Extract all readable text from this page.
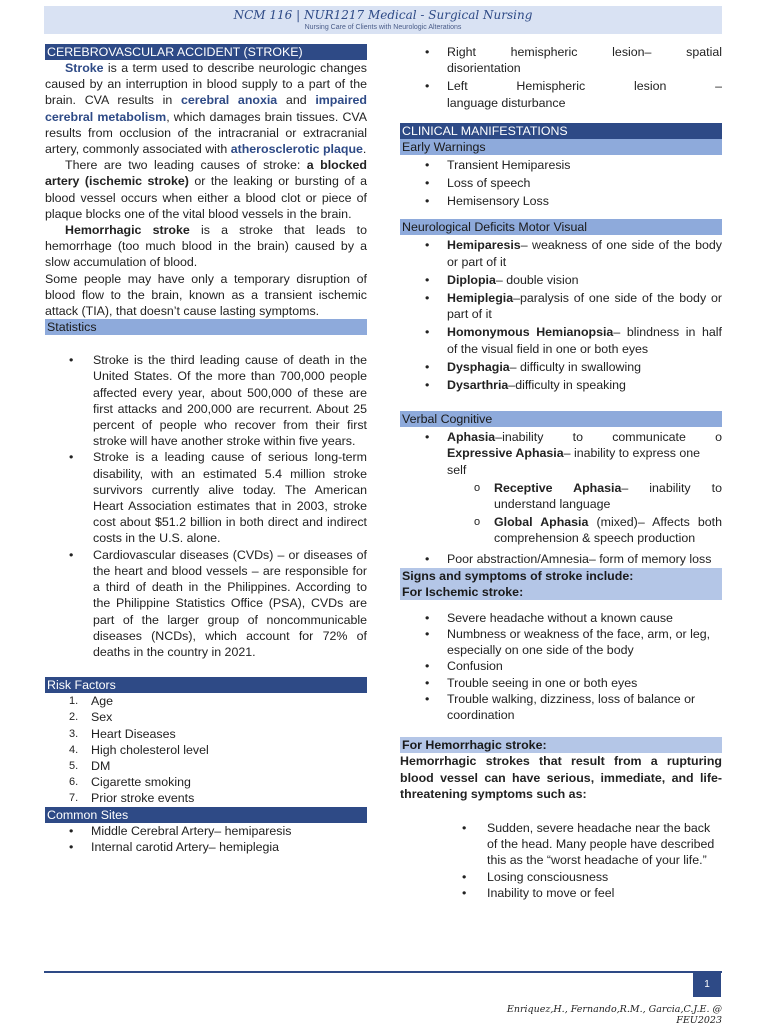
NCM 116 | NUR1217 Medical - Surgical Nursing
Nursing Care of Clients with Neurologic Alterations
CEREBROVASCULAR ACCIDENT (STROKE)

Stroke is a term used to describe neurologic changes caused by an interruption in blood supply to a part of the brain. CVA results in cerebral anoxia and impaired cerebral metabolism, which damages brain tissues. CVA results from occlusion of the intracranial or extracranial artery, commonly associated with atherosclerotic plaque.

There are two leading causes of stroke: a blocked artery (ischemic stroke) or the leaking or bursting of a blood vessel occurs when either a blood clot or piece of plaque blocks one of the vital blood vessels in the brain.

Hemorrhagic stroke is a stroke that leads to hemorrhage (too much blood in the brain) caused by a slow accumulation of blood.

Some people may have only a temporary disruption of blood flow to the brain, known as a transient ischemic attack (TIA), that doesn’t cause lasting symptoms.

Statistics
• Stroke is the third leading cause of death in the United States. Of the more than 700,000 people affected every year, about 500,000 of these are first attacks and 200,000 are recurrent. About 25 percent of people who recover from their first stroke will have another stroke within five years.
• Stroke is a leading cause of serious long-term disability, with an estimated 5.4 million stroke survivors currently alive today. The American Heart Association estimates that in 2003, stroke cost about $51.2 billion in both direct and indirect costs in the U.S. alone.
• Cardiovascular diseases (CVDs) – or diseases of the heart and blood vessels – are responsible for a third of death in the Philippines. According to the Philippine Statistics Office (PSA), CVDs are part of the larger group of noncommunicable diseases (NCDs), which account for 72% of deaths in the country in 2021.
Risk Factors
1. Age
2. Sex
3. Heart Diseases
4. High cholesterol level
5. DM
6. Cigarette smoking
7. Prior stroke events
Common Sites
• Middle Cerebral Artery– hemiparesis
• Internal carotid Artery– hemiplegia
• Right hemispheric lesion– spatial
disorientation
• Left Hemispheric lesion –
language disturbance
CLINICAL MANIFESTATIONS
Early Warnings
• Transient Hemiparesis
• Loss of speech
• Hemisensory Loss
Neurological Deficits Motor Visual
• Hemiparesis– weakness of one side of the body or part of it
• Diplopia– double vision
• Hemiplegia–paralysis of one side of the body or part of it
• Homonymous Hemianopsia– blindness in half of the visual field in one or both eyes
• Dysphagia– difficulty in swallowing
• Dysarthria–difficulty in speaking
Verbal Cognitive
• Aphasia–inability to communicate o
Expressive Aphasia– inability to express one self
o Receptive Aphasia– inability to understand language
o Global Aphasia (mixed)– Affects both comprehension & speech production
• Poor abstraction/Amnesia– form of memory loss
Signs and symptoms of stroke include:
For Ischemic stroke:
• Severe headache without a known cause
• Numbness or weakness of the face, arm, or leg, especially on one side of the body
• Confusion
• Trouble seeing in one or both eyes
• Trouble walking, dizziness, loss of balance or coordination
For Hemorrhagic stroke:

Hemorrhagic strokes that result from a rupturing blood vessel can have serious, immediate, and life-threatening symptoms such as:

• Sudden, severe headache near the back of the head. Many people have described this as the “worst headache of your life.”
• Losing consciousness
• Inability to move or feel
1
Enriquez,H., Fernando,R.M., Garcia,C.J.E. @ FEU2023
